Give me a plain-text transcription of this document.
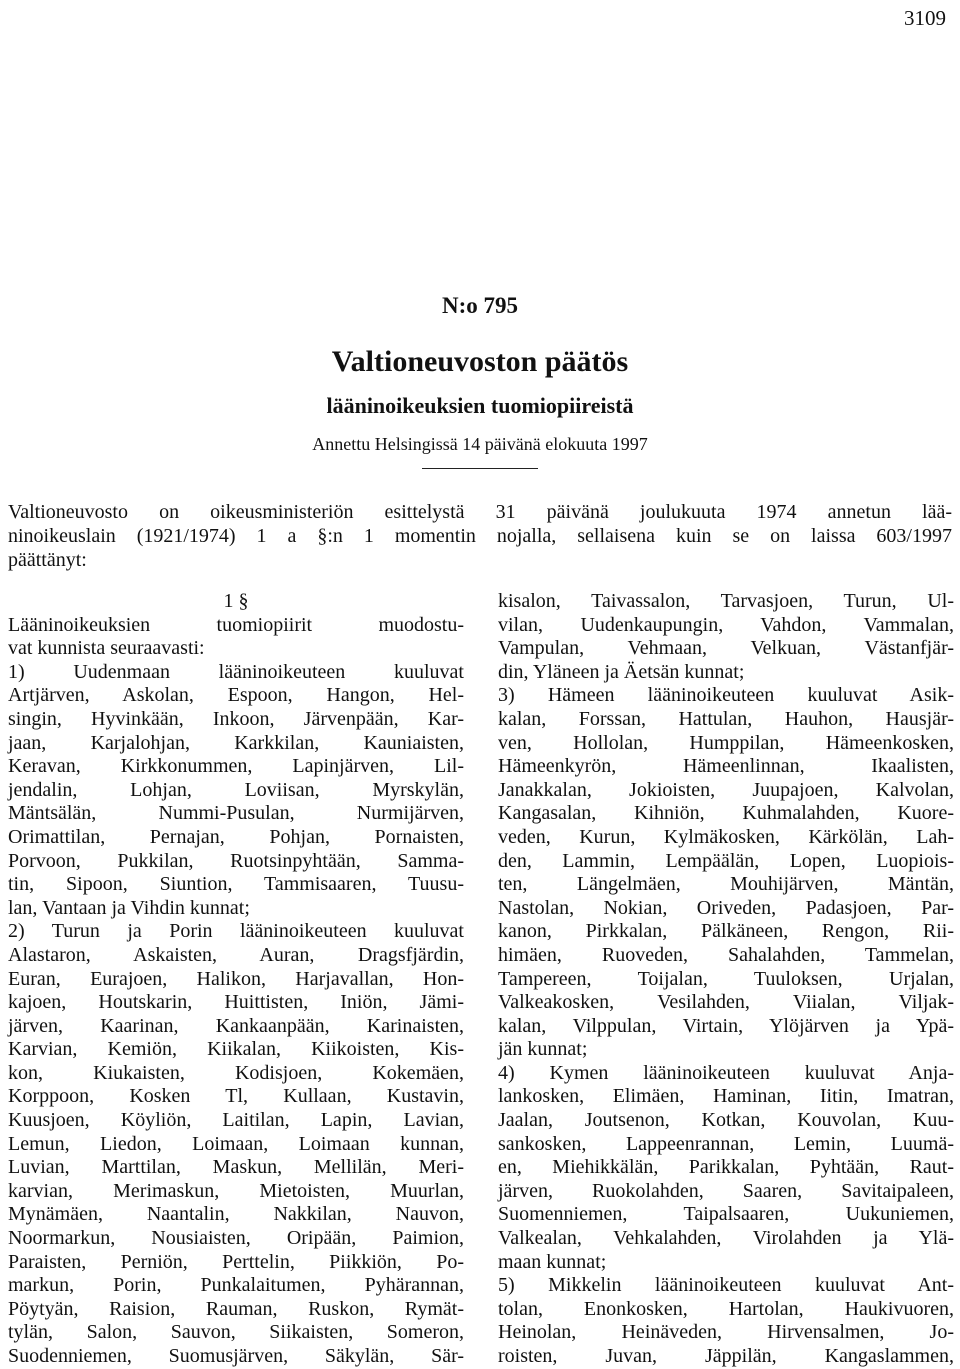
3109
N:o 795
Valtioneuvoston päätös
lääninoikeuksien tuomiopiireistä
Annettu Helsingissä 14 päivänä elokuuta 1997
Valtioneuvosto on oikeusministeriön esittelystä 31 päivänä joulukuuta 1974 annetun lää-
ninoikeuslain (1921/1974) 1 a §:n 1 momentin nojalla, sellaisena kuin se on laissa 603/1997
päättänyt:
1 §
Lääninoikeuksien tuomiopiirit muodostu-
vat kunnista seuraavasti:
1) Uudenmaan lääninoikeuteen kuuluvat
Artjärven, Askolan, Espoon, Hangon, Hel-
singin, Hyvinkään, Inkoon, Järvenpään, Kar-
jaan, Karjalohjan, Karkkilan, Kauniaisten,
Keravan, Kirkkonummen, Lapinjärven, Lil-
jendalin, Lohjan, Loviisan, Myrskylän,
Mäntsälän, Nummi-Pusulan, Nurmijärven,
Orimattilan, Pernajan, Pohjan, Pornaisten,
Porvoon, Pukkilan, Ruotsinpyhtään, Samma-
tin, Sipoon, Siuntion, Tammisaaren, Tuusu-
lan, Vantaan ja Vihdin kunnat;
2) Turun ja Porin lääninoikeuteen kuuluvat
Alastaron, Askaisten, Auran, Dragsfjärdin,
Euran, Eurajoen, Halikon, Harjavallan, Hon-
kajoen, Houtskarin, Huittisten, Iniön, Jämi-
järven, Kaarinan, Kankaanpään, Karinaisten,
Karvian, Kemiön, Kiikalan, Kiikoisten, Kis-
kon, Kiukaisten, Kodisjoen, Kokemäen,
Korppoon, Kosken Tl, Kullaan, Kustavin,
Kuusjoen, Köyliön, Laitilan, Lapin, Lavian,
Lemun, Liedon, Loimaan, Loimaan kunnan,
Luvian, Marttilan, Maskun, Mellilän, Meri-
karvian, Merimaskun, Mietoisten, Muurlan,
Mynämäen, Naantalin, Nakkilan, Nauvon,
Noormarkun, Nousiaisten, Oripään, Paimion,
Paraisten, Perniön, Perttelin, Piikkiön, Po-
markun, Porin, Punkalaitumen, Pyhärannan,
Pöytyän, Raision, Rauman, Ruskon, Rymät-
tylän, Salon, Sauvon, Siikaisten, Someron,
Suodenniemen, Suomusjärven, Säkylän, Sär-
kisalon, Taivassalon, Tarvasjoen, Turun, Ul-
vilan, Uudenkaupungin, Vahdon, Vammalan,
Vampulan, Vehmaan, Velkuan, Västanfjär-
din, Yläneen ja Äetsän kunnat;
3) Hämeen lääninoikeuteen kuuluvat Asik-
kalan, Forssan, Hattulan, Hauhon, Hausjär-
ven, Hollolan, Humppilan, Hämeenkosken,
Hämeenkyrön, Hämeenlinnan, Ikaalisten,
Janakkalan, Jokioisten, Juupajoen, Kalvolan,
Kangasalan, Kihniön, Kuhmalahden, Kuore-
veden, Kurun, Kylmäkosken, Kärkölän, Lah-
den, Lammin, Lempäälän, Lopen, Luopiois-
ten, Längelmäen, Mouhijärven, Mäntän,
Nastolan, Nokian, Oriveden, Padasjoen, Par-
kanon, Pirkkalan, Pälkäneen, Rengon, Rii-
himäen, Ruoveden, Sahalahden, Tammelan,
Tampereen, Toijalan, Tuuloksen, Urjalan,
Valkeakosken, Vesilahden, Viialan, Viljak-
kalan, Vilppulan, Virtain, Ylöjärven ja Ypä-
jän kunnat;
4) Kymen lääninoikeuteen kuuluvat Anja-
lankosken, Elimäen, Haminan, Iitin, Imatran,
Jaalan, Joutsenon, Kotkan, Kouvolan, Kuu-
sankosken, Lappeenrannan, Lemin, Luumä-
en, Miehikkälän, Parikkalan, Pyhtään, Raut-
järven, Ruokolahden, Saaren, Savitaipaleen,
Suomenniemen, Taipalsaaren, Uukuniemen,
Valkealan, Vehkalahden, Virolahden ja Ylä-
maan kunnat;
5) Mikkelin lääninoikeuteen kuuluvat Ant-
tolan, Enonkosken, Hartolan, Haukivuoren,
Heinolan, Heinäveden, Hirvensalmen, Jo-
roisten, Juvan, Jäppilän, Kangaslammen,
